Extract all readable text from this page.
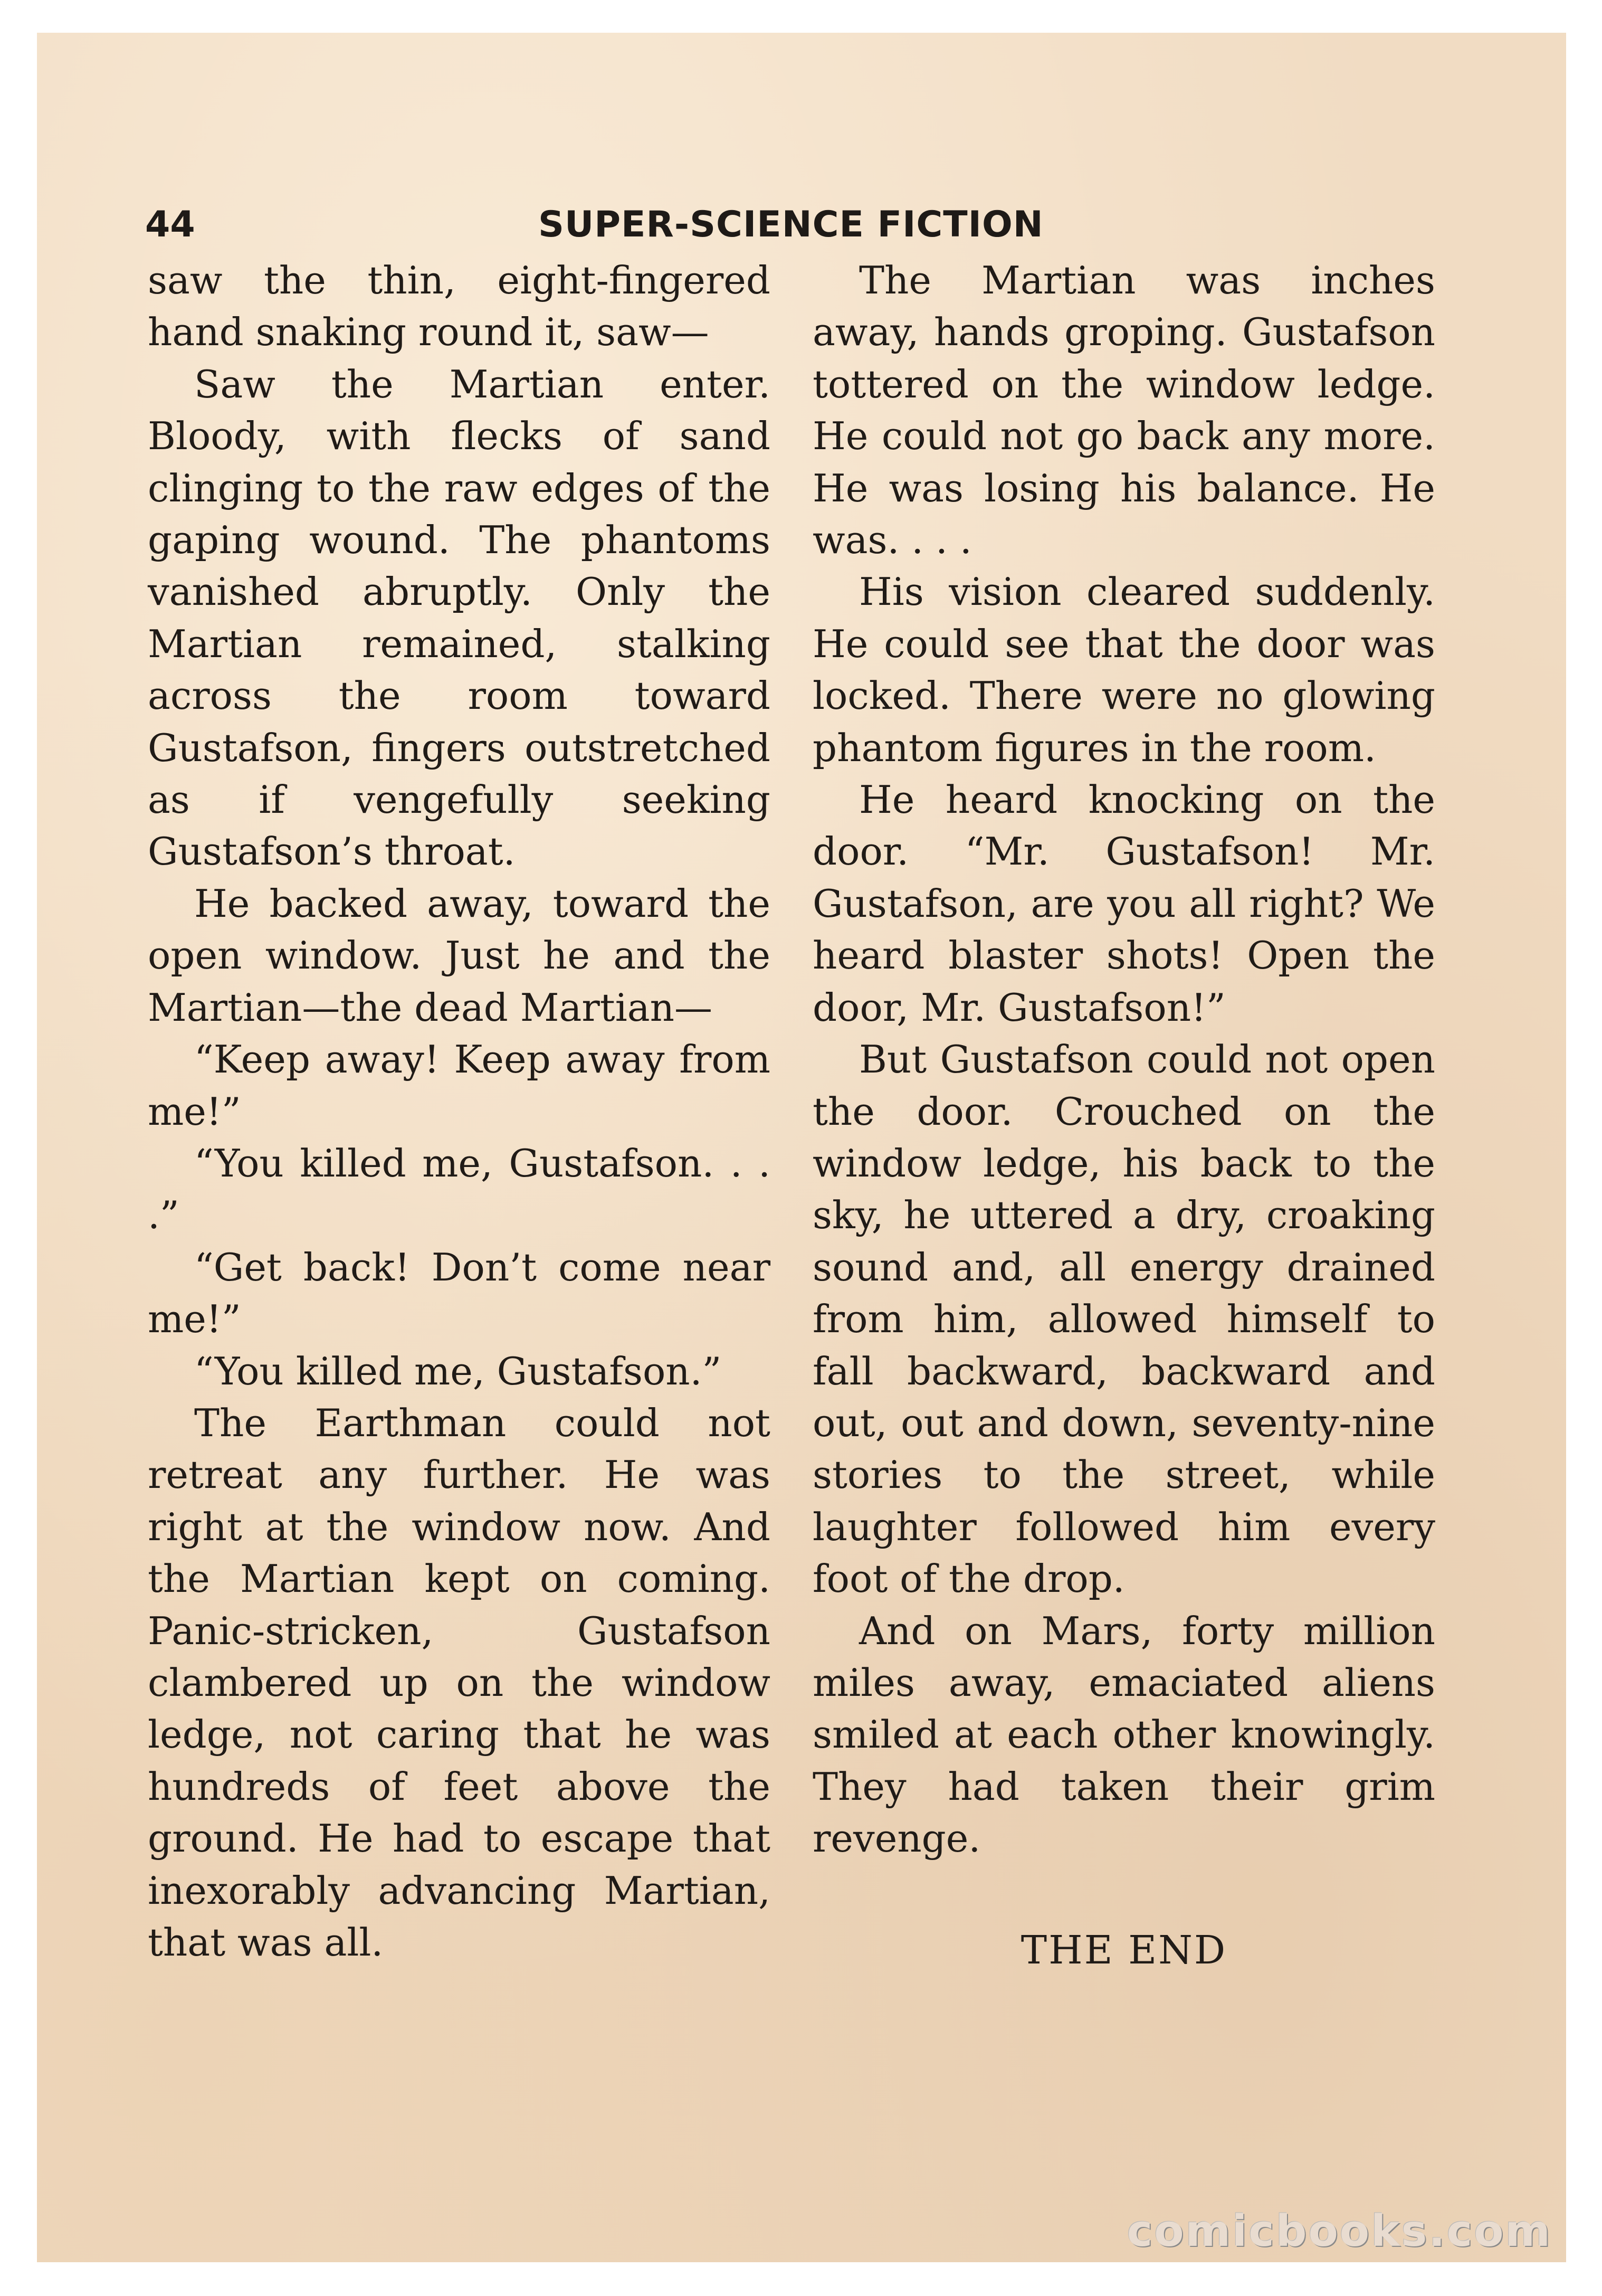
44	SUPER-SCIENCE FICTION

saw the thin, eight-fingered hand snaking round it, saw—

Saw the Martian enter. Bloody, with flecks of sand clinging to the raw edges of the gaping wound. The phantoms vanished abruptly. Only the Martian remained, stalking across the room toward Gustafson, fingers outstretched as if vengefully seeking Gustafson’s throat.

He backed away, toward the open window. Just he and the Martian—the dead Martian—

“Keep away! Keep away from me!”

“You killed me, Gustafson. . . .”

“Get back! Don’t come near me!”

“You killed me, Gustafson.”

The Earthman could not retreat any further. He was right at the window now. And the Martian kept on coming. Panic-stricken, Gustafson clambered up on the window ledge, not caring that he was hundreds of feet above the ground. He had to escape that inexorably advancing Martian, that was all.

The Martian was inches away, hands groping. Gustafson tottered on the window ledge. He could not go back any more. He was losing his balance. He was. . . .

His vision cleared suddenly. He could see that the door was locked. There were no glowing phantom figures in the room.

He heard knocking on the door. “Mr. Gustafson! Mr. Gustafson, are you all right? We heard blaster shots! Open the door, Mr. Gustafson!”

But Gustafson could not open the door. Crouched on the window ledge, his back to the sky, he uttered a dry, croaking sound and, all energy drained from him, allowed himself to fall backward, backward and out, out and down, seventy-nine stories to the street, while laughter followed him every foot of the drop.

And on Mars, forty million miles away, emaciated aliens smiled at each other knowingly. They had taken their grim revenge.

THE END
comicbooks.com
